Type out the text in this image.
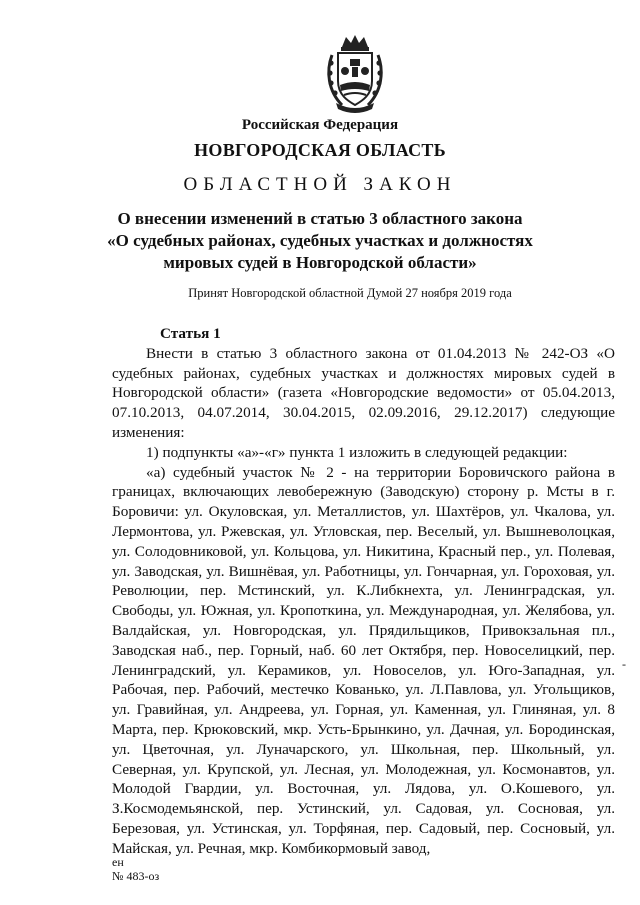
Российская Федерация

НОВГОРОДСКАЯ ОБЛАСТЬ

ОБЛАСТНОЙ ЗАКОН

О внесении изменений в статью 3 областного закона
«О судебных районах, судебных участках и должностях
мировых судей в Новгородской области»

Принят Новгородской областной Думой 27 ноября 2019 года

Статья 1

Внести в статью 3 областного закона от 01.04.2013 № 242-ОЗ «О судебных районах, судебных участках и должностях мировых судей в Новгородской области» (газета «Новгородские ведомости» от 05.04.2013, 07.10.2013, 04.07.2014, 30.04.2015, 02.09.2016, 29.12.2017) следующие изменения:

1) подпункты «а»-«г» пункта 1 изложить в следующей редакции:

«а) судебный участок № 2 - на территории Боровичского района в границах, включающих левобережную (Заводскую) сторону р. Мсты в г. Боровичи: ул. Окуловская, ул. Металлистов, ул. Шахтёров, ул. Чкалова, ул. Лермонтова, ул. Ржевская, ул. Угловская, пер. Веселый, ул. Вышневолоцкая, ул. Солодовниковой, ул. Кольцова, ул. Никитина, Красный пер., ул. Полевая, ул. Заводская, ул. Вишнёвая, ул. Работницы, ул. Гончарная, ул. Гороховая, ул. Революции, пер. Мстинский, ул. К.Либкнехта, ул. Ленинградская, ул. Свободы, ул. Южная, ул. Кропоткина, ул. Международная, ул. Желябова, ул. Валдайская, ул. Новгородская, ул. Прядильщиков, Привокзальная пл., Заводская наб., пер. Горный, наб. 60 лет Октября, пер. Новоселицкий, пер. Ленинградский, ул. Керамиков, ул. Новоселов, ул. Юго-Западная, ул. Рабочая, пер. Рабочий, местечко Кованько, ул. Л.Павлова, ул. Угольщиков, ул. Гравийная, ул. Андреева, ул. Горная, ул. Каменная, ул. Глиняная, ул. 8 Марта, пер. Крюковский, мкр. Усть-Брынкино, ул. Дачная, ул. Бородинская, ул. Цветочная, ул. Луначарского, ул. Школьная, пер. Школьный, ул. Северная, ул. Крупской, ул. Лесная, ул. Молодежная, ул. Космонавтов, ул. Молодой Гвардии, ул. Восточная, ул. Лядова, ул. О.Кошевого, ул. З.Космодемьянской, пер. Устинский, ул. Садовая, ул. Сосновая, ул. Березовая, ул. Устинская, ул. Торфяная, пер. Садовый, пер. Сосновый, ул. Майская, ул. Речная, мкр. Комбикормовый завод,

-
ен
№ 483-оз
